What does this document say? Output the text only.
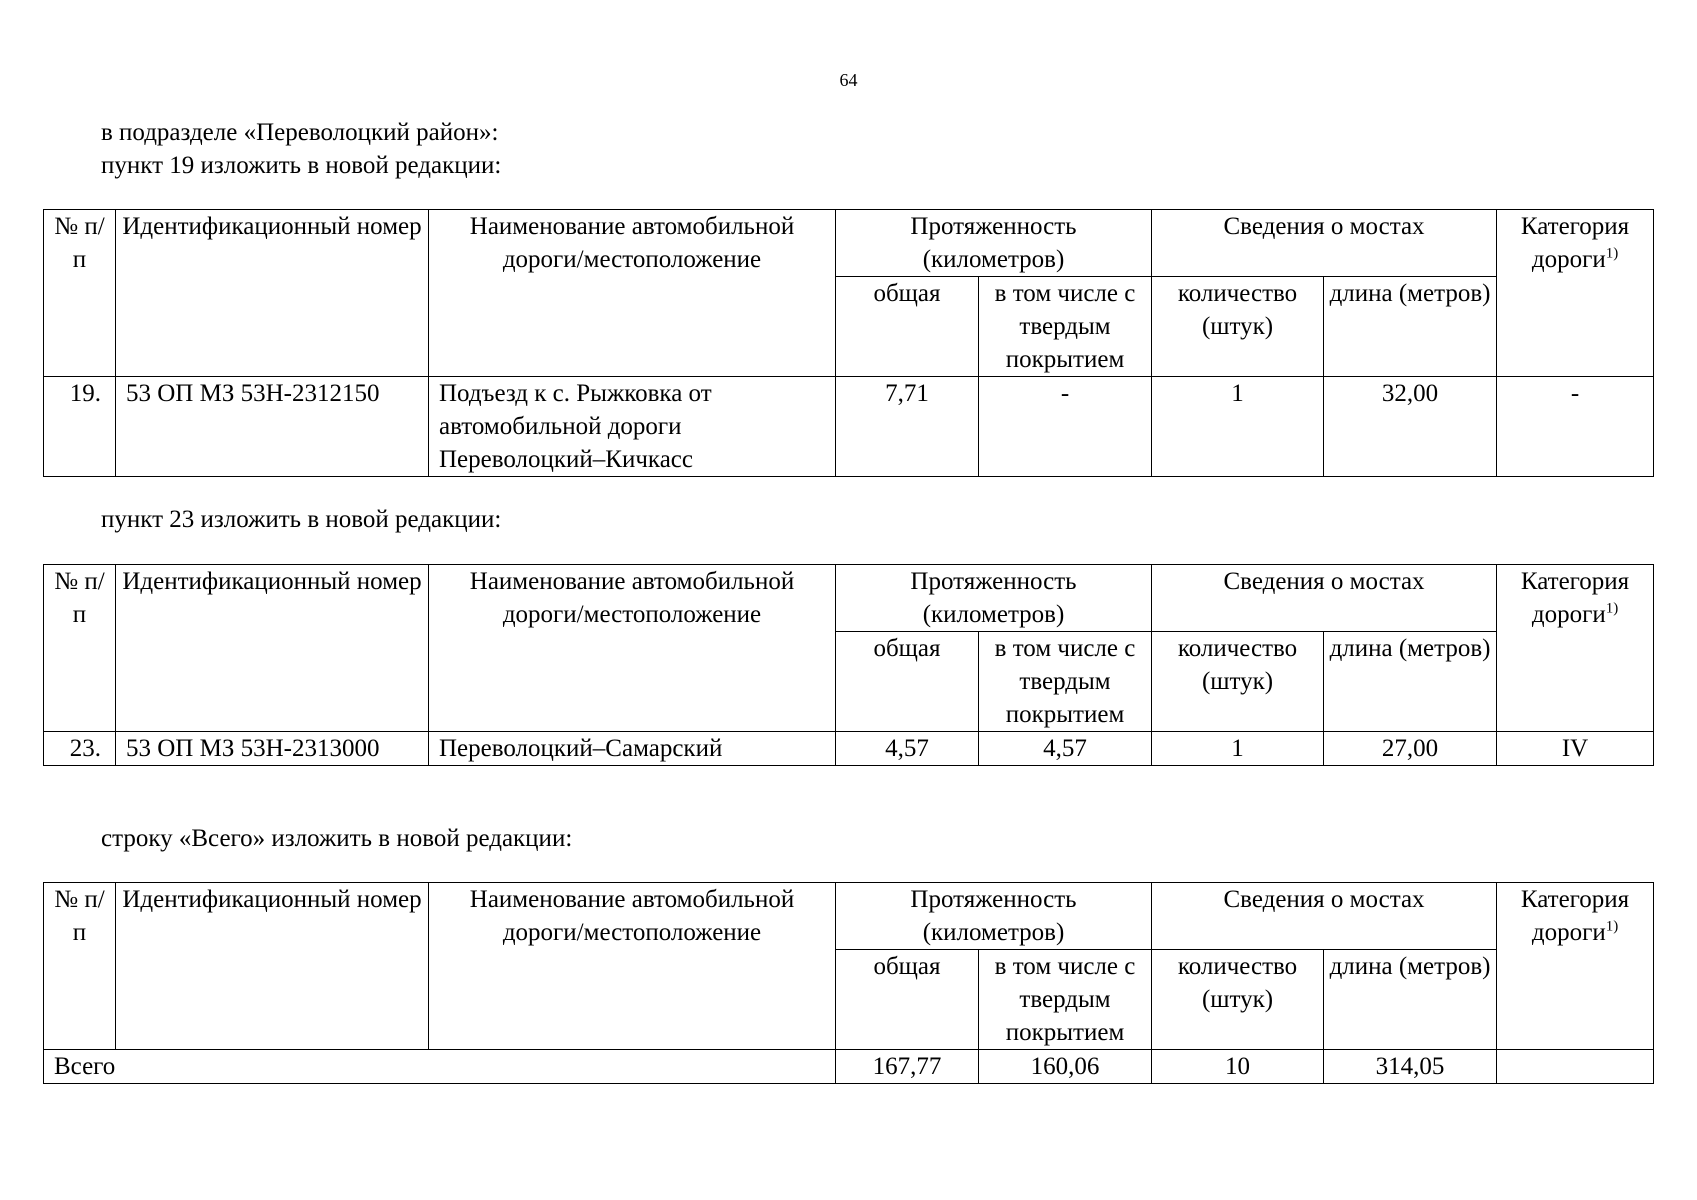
64
в подразделе «Переволоцкий район»:
пункт 19 изложить в новой редакции:
№ п/п	Идентификационный номер	Наименование автомобильной дороги/местоположение	Протяженность (километров)		Сведения о мостах		Категория дороги$^{1)}$
			общая	в том числе с твердым покрытием	количество (штук)	длина (метров)	
19.	53 ОП МЗ 53Н-2312150	Подъезд к с. Рыжковка от автомобильной дороги Переволоцкий–Кичкасс	7,71	-	1	32,00	-
пункт 23 изложить в новой редакции:
№ п/п	Идентификационный номер	Наименование автомобильной дороги/местоположение	Протяженность (километров)		Сведения о мостах		Категория дороги$^{1)}$
			общая	в том числе с твердым покрытием	количество (штук)	длина (метров)	
23.	53 ОП МЗ 53Н-2313000	Переволоцкий–Самарский	4,57	4,57	1	27,00	IV
строку «Всего» изложить в новой редакции:
№ п/п	Идентификационный номер	Наименование автомобильной дороги/местоположение	Протяженность (километров)		Сведения о мостах		Категория дороги$^{1)}$
			общая	в том числе с твердым покрытием	количество (штук)	длина (метров)	
Всего			167,77	160,06	10	314,05	
